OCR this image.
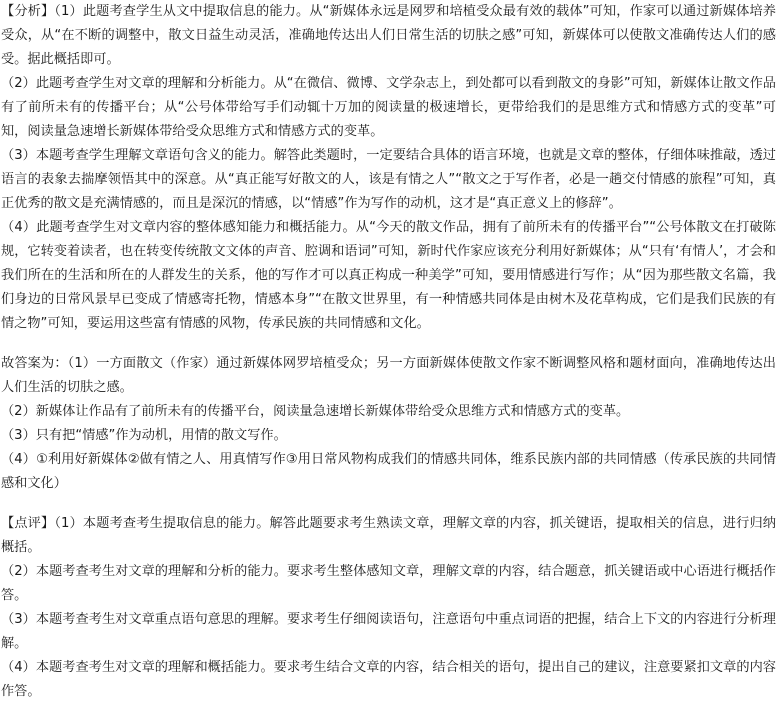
【分析】（1）此题考查学生从文中提取信息的能力。从“新媒体永远是网罗和培植受众最有效的载体”可知，作家可以通过新媒体培养受众，从“在不断的调整中，散文日益生动灵活，准确地传达出人们日常生活的切肤之感”可知，新媒体可以使散文准确传达人们的感受。据此概括即可。

（2）此题考查学生对文章的理解和分析能力。从“在微信、微博、文学杂志上，到处都可以看到散文的身影”可知，新媒体让散文作品有了前所未有的传播平台；从“公号体带给写手们动辄十万加的阅读量的极速增长，更带给我们的是思维方式和情感方式的变革”可知，阅读量急速增长新媒体带给受众思维方式和情感方式的变革。

（3）本题考查学生理解文章语句含义的能力。解答此类题时，一定要结合具体的语言环境，也就是文章的整体，仔细体味推敲，透过语言的表象去揣摩领悟其中的深意。从“真正能写好散文的人，该是有情之人”“散文之于写作者，必是一趟交付情感的旅程”可知，真正优秀的散文是充满情感的，而且是深沉的情感，以“情感”作为写作的动机，这才是“真正意义上的修辞”。

（4）此题考查学生对文章内容的整体感知能力和概括能力。从“今天的散文作品，拥有了前所未有的传播平台”“公号体散文在打破陈规，它转变着读者，也在转变传统散文文体的声音、腔调和语词”可知，新时代作家应该充分利用好新媒体；从“只有‘有情人’，才会和我们所在的生活和所在的人群发生的关系，他的写作才可以真正构成一种美学”可知，要用情感进行写作；从“因为那些散文名篇，我们身边的日常风景早已变成了情感寄托物，情感本身”“在散文世界里，有一种情感共同体是由树木及花草构成，它们是我们民族的有情之物”可知，要运用这些富有情感的风物，传承民族的共同情感和文化。

故答案为：（1）一方面散文（作家）通过新媒体网罗培植受众；另一方面新媒体使散文作家不断调整风格和题材面向，准确地传达出人们生活的切肤之感。

（2）新媒体让作品有了前所未有的传播平台，阅读量急速增长新媒体带给受众思维方式和情感方式的变革。

（3）只有把“情感”作为动机，用情的散文写作。

（4）①利用好新媒体②做有情之人、用真情写作③用日常风物构成我们的情感共同体，维系民族内部的共同情感（传承民族的共同情感和文化）

【点评】（1）本题考查考生提取信息的能力。解答此题要求考生熟读文章，理解文章的内容，抓关键语，提取相关的信息，进行归纳概括。

（2）本题考查考生对文章的理解和分析的能力。要求考生整体感知文章，理解文章的内容，结合题意，抓关键语或中心语进行概括作答。

（3）本题考查考生对文章重点语句意思的理解。要求考生仔细阅读语句，注意语句中重点词语的把握，结合上下文的内容进行分析理解。

（4）本题考查考生对文章的理解和概括能力。要求考生结合文章的内容，结合相关的语句，提出自己的建议，注意要紧扣文章的内容作答。
